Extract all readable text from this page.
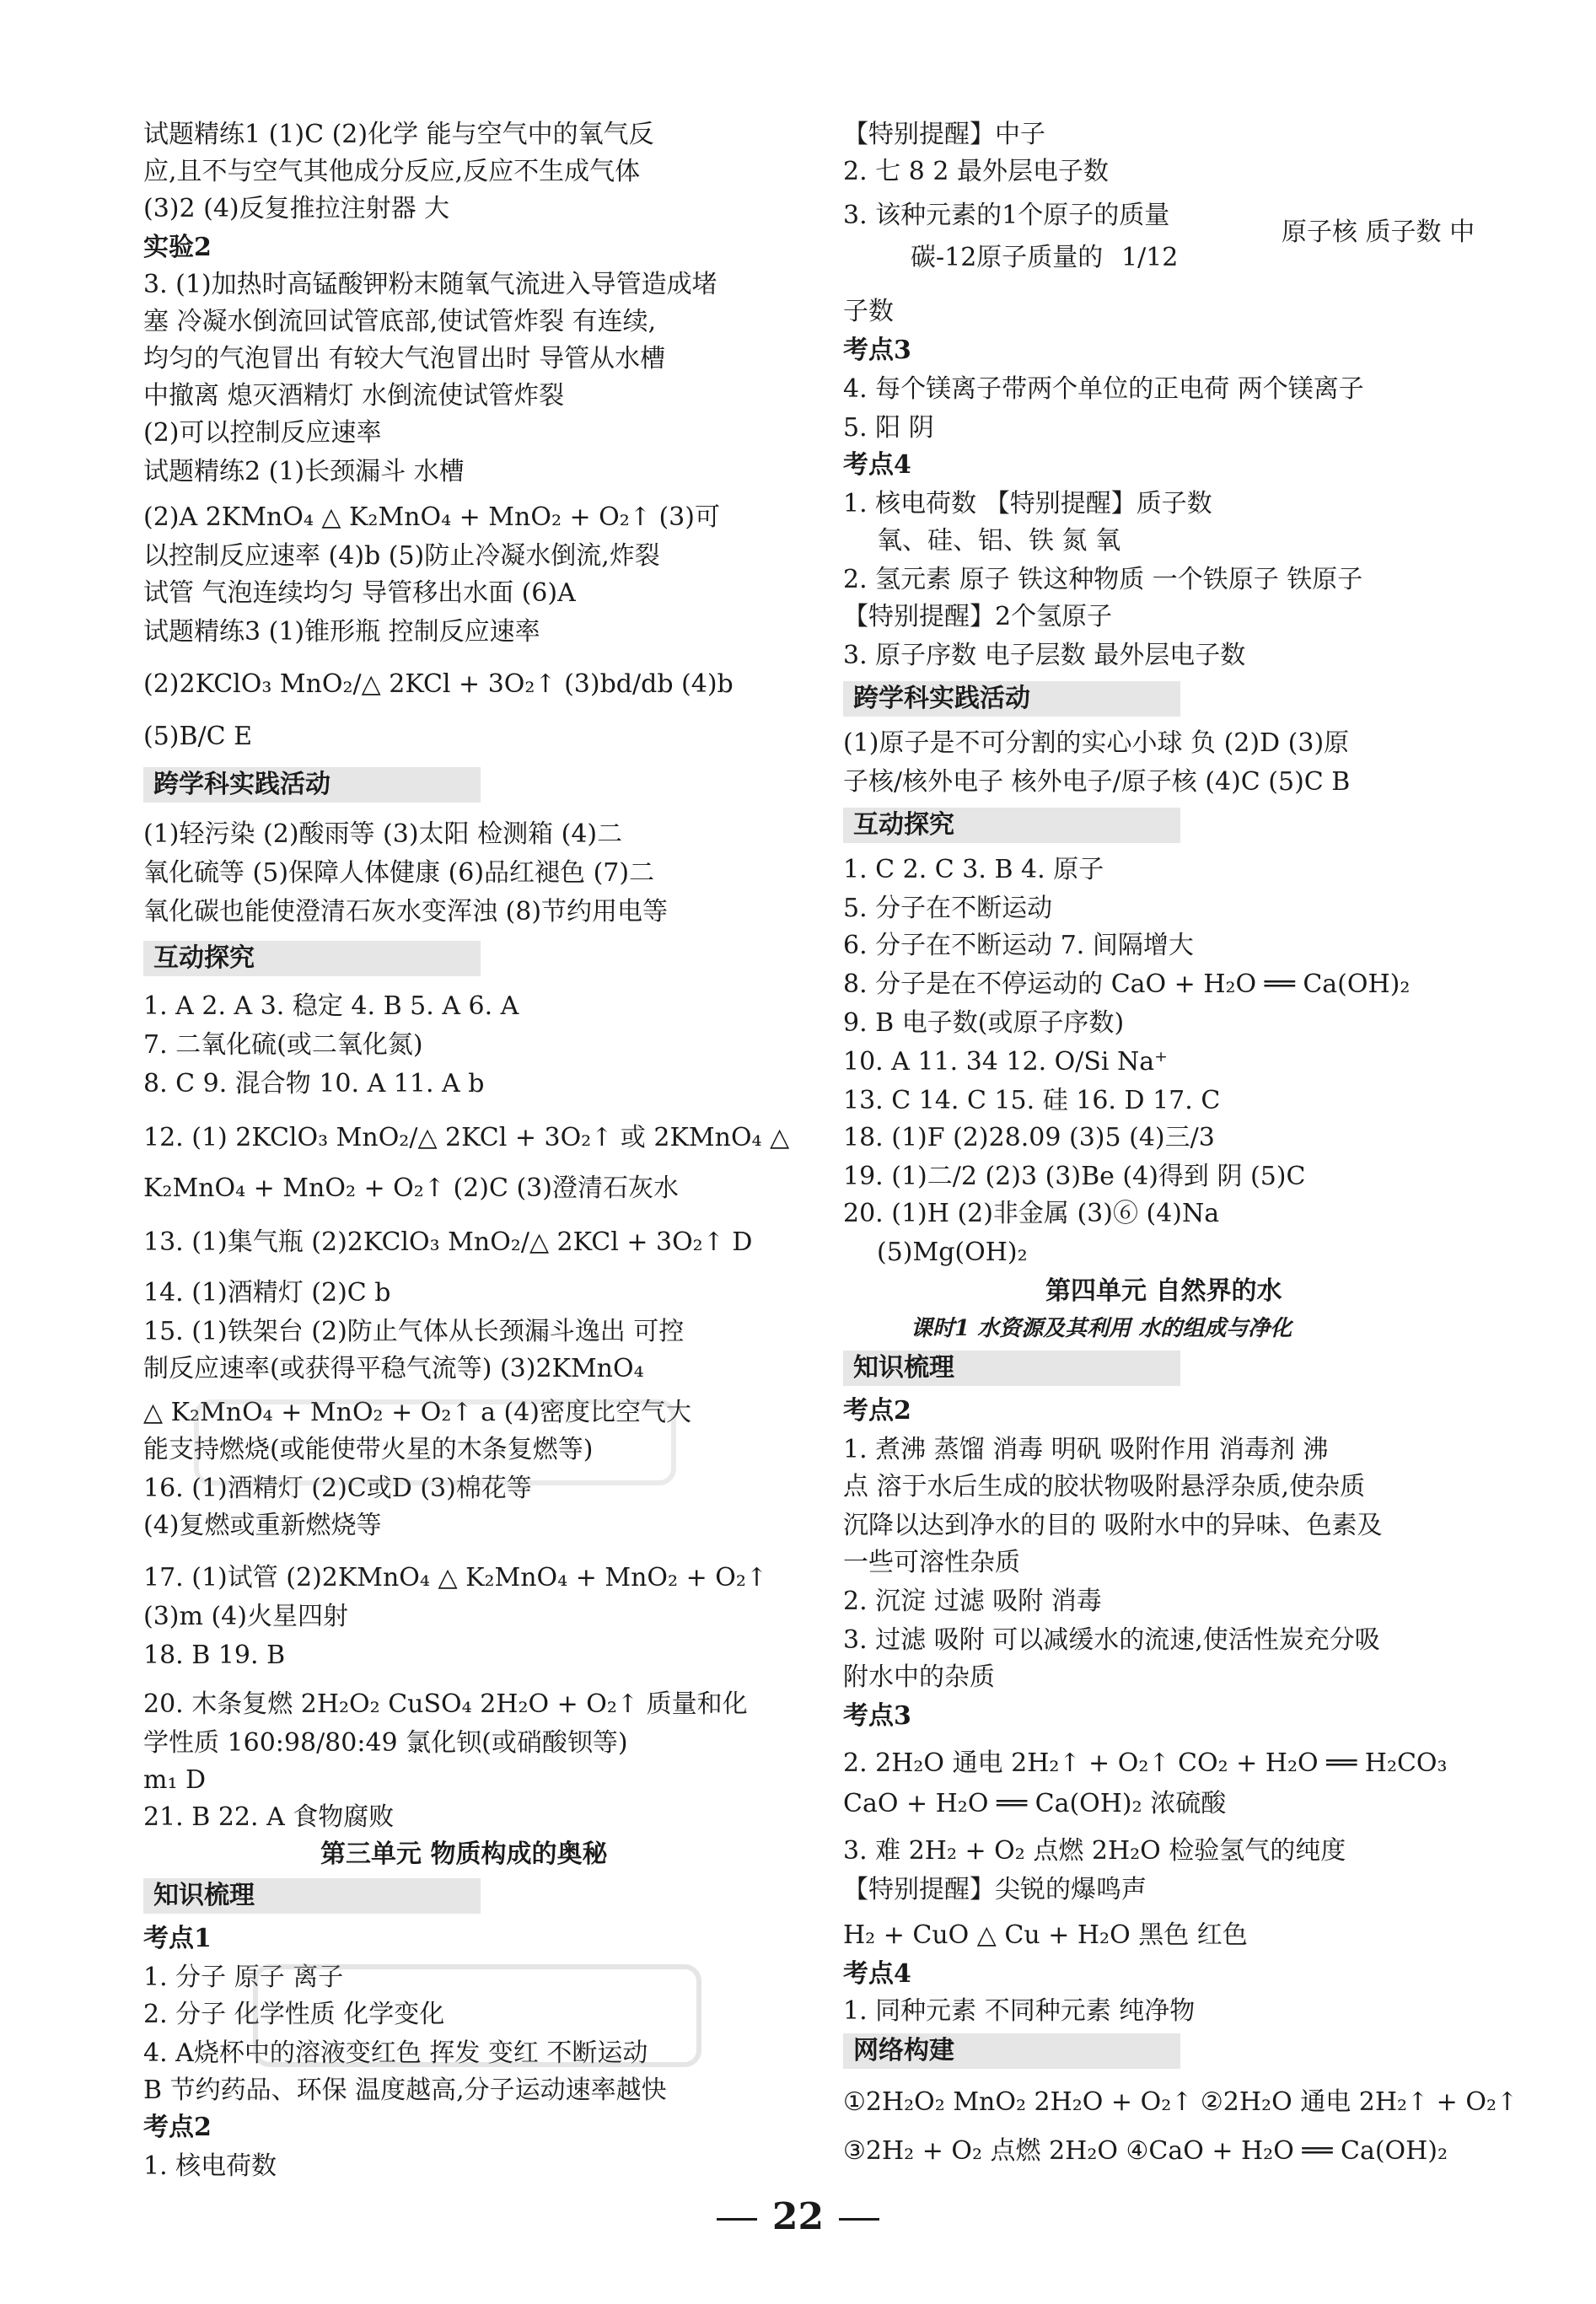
试题精练1 (1)C (2)化学 能与空气中的氧气反
应,且不与空气其他成分反应,反应不生成气体
(3)2 (4)反复推拉注射器 大
实验2
3. (1)加热时高锰酸钾粉末随氧气流进入导管造成堵
塞 冷凝水倒流回试管底部,使试管炸裂 有连续,
均匀的气泡冒出 有较大气泡冒出时 导管从水槽
中撤离 熄灭酒精灯 水倒流使试管炸裂
(2)可以控制反应速率
试题精练2 (1)长颈漏斗 水槽
(2)A 2KMnO₄ △ K₂MnO₄ + MnO₂ + O₂↑ (3)可
以控制反应速率 (4)b (5)防止冷凝水倒流,炸裂
试管 气泡连续均匀 导管移出水面 (6)A
试题精练3 (1)锥形瓶 控制反应速率
(2)2KClO₃ MnO₂/△ 2KCl + 3O₂↑ (3)bd/db (4)b
(5)B/C E
跨学科实践活动
(1)轻污染 (2)酸雨等 (3)太阳 检测箱 (4)二
氧化硫等 (5)保障人体健康 (6)品红褪色 (7)二
氧化碳也能使澄清石灰水变浑浊 (8)节约用电等
互动探究
1. A 2. A 3. 稳定 4. B 5. A 6. A
7. 二氧化硫(或二氧化氮)
8. C 9. 混合物 10. A 11. A b
12. (1) 2KClO₃ MnO₂/△ 2KCl + 3O₂↑ 或 2KMnO₄ △
K₂MnO₄ + MnO₂ + O₂↑ (2)C (3)澄清石灰水
13. (1)集气瓶 (2)2KClO₃ MnO₂/△ 2KCl + 3O₂↑ D
14. (1)酒精灯 (2)C b
15. (1)铁架台 (2)防止气体从长颈漏斗逸出 可控
制反应速率(或获得平稳气流等) (3)2KMnO₄
△ K₂MnO₄ + MnO₂ + O₂↑ a (4)密度比空气大
能支持燃烧(或能使带火星的木条复燃等)
16. (1)酒精灯 (2)C或D (3)棉花等
(4)复燃或重新燃烧等
17. (1)试管 (2)2KMnO₄ △ K₂MnO₄ + MnO₂ + O₂↑
(3)m (4)火星四射
18. B 19. B
20. 木条复燃 2H₂O₂ CuSO₄ 2H₂O + O₂↑ 质量和化
学性质 160:98/80:49 氯化钡(或硝酸钡等)
m₁ D
21. B 22. A 食物腐败
第三单元 物质构成的奥秘
知识梳理
考点1
1. 分子 原子 离子
2. 分子 化学性质 化学变化
4. A烧杯中的溶液变红色 挥发 变红 不断运动
B 节约药品、环保 温度越高,分子运动速率越快
考点2
1. 核电荷数
【特别提醒】中子
2. 七 8 2 最外层电子数
3. 该种元素的1个原子的质量
原子核 质子数 中
碳-12原子质量的 1/12
子数
考点3
4. 每个镁离子带两个单位的正电荷 两个镁离子
5. 阳 阴
考点4
1. 核电荷数 【特别提醒】质子数
氧、硅、铝、铁 氮 氧
2. 氢元素 原子 铁这种物质 一个铁原子 铁原子
【特别提醒】2个氢原子
3. 原子序数 电子层数 最外层电子数
跨学科实践活动
(1)原子是不可分割的实心小球 负 (2)D (3)原
子核/核外电子 核外电子/原子核 (4)C (5)C B
互动探究
1. C 2. C 3. B 4. 原子
5. 分子在不断运动
6. 分子在不断运动 7. 间隔增大
8. 分子是在不停运动的 CaO + H₂O ══ Ca(OH)₂
9. B 电子数(或原子序数)
10. A 11. 34 12. O/Si Na⁺
13. C 14. C 15. 硅 16. D 17. C
18. (1)F (2)28.09 (3)5 (4)三/3
19. (1)二/2 (2)3 (3)Be (4)得到 阴 (5)C
20. (1)H (2)非金属 (3)⑥ (4)Na
(5)Mg(OH)₂
第四单元 自然界的水
课时1 水资源及其利用 水的组成与净化
知识梳理
考点2
1. 煮沸 蒸馏 消毒 明矾 吸附作用 消毒剂 沸
点 溶于水后生成的胶状物吸附悬浮杂质,使杂质
沉降以达到净水的目的 吸附水中的异味、色素及
一些可溶性杂质
2. 沉淀 过滤 吸附 消毒
3. 过滤 吸附 可以减缓水的流速,使活性炭充分吸
附水中的杂质
考点3
2. 2H₂O 通电 2H₂↑ + O₂↑ CO₂ + H₂O ══ H₂CO₃
CaO + H₂O ══ Ca(OH)₂ 浓硫酸
3. 难 2H₂ + O₂ 点燃 2H₂O 检验氢气的纯度
【特别提醒】尖锐的爆鸣声
H₂ + CuO △ Cu + H₂O 黑色 红色
考点4
1. 同种元素 不同种元素 纯净物
网络构建
①2H₂O₂ MnO₂ 2H₂O + O₂↑ ②2H₂O 通电 2H₂↑ + O₂↑
③2H₂ + O₂ 点燃 2H₂O ④CaO + H₂O ══ Ca(OH)₂
22
